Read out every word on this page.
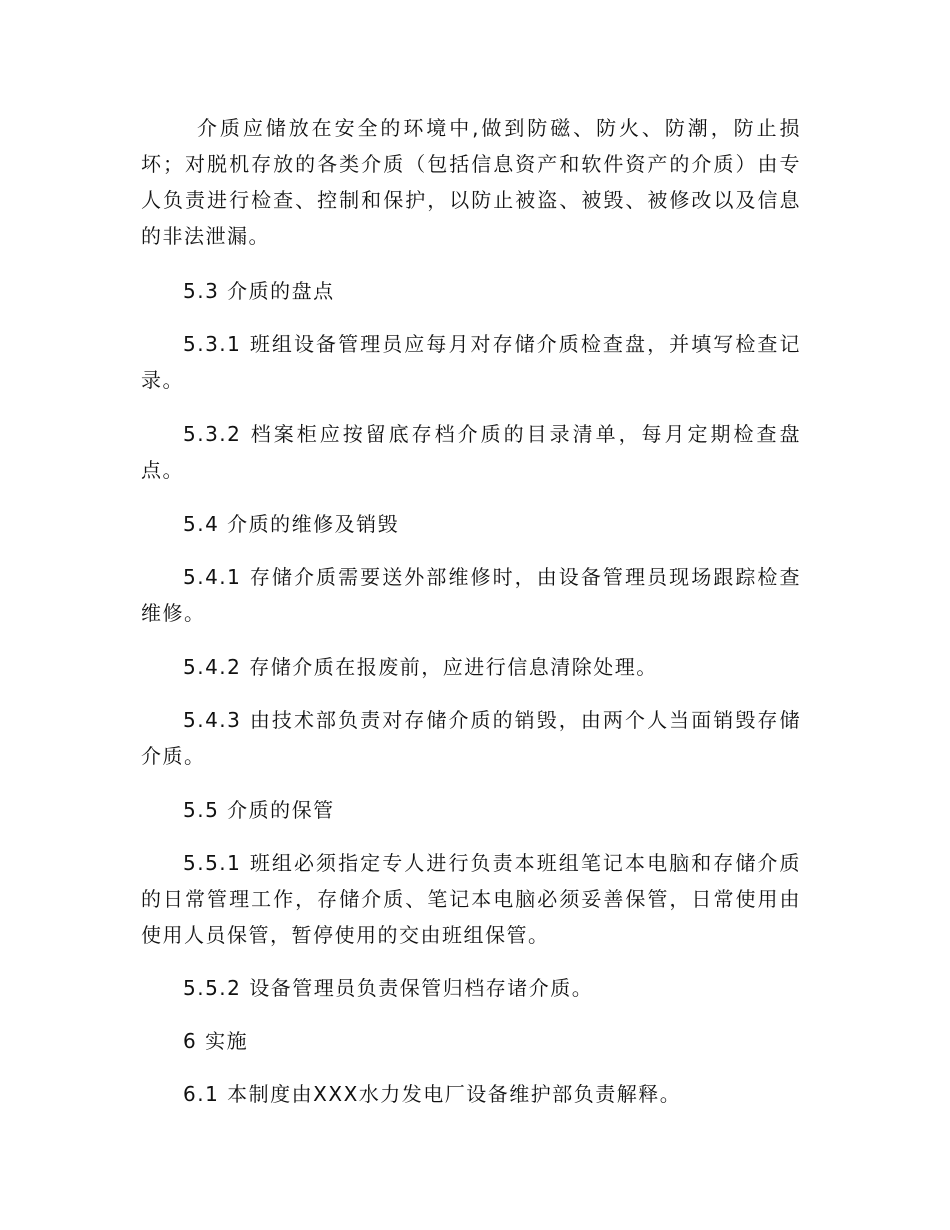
介质应储放在安全的环境中,做到防磁、防火、防潮，防止损坏；对脱机存放的各类介质（包括信息资产和软件资产的介质）由专人负责进行检查、控制和保护，以防止被盗、被毁、被修改以及信息的非法泄漏。

5.3 介质的盘点

5.3.1 班组设备管理员应每月对存储介质检查盘，并填写检查记录。

5.3.2 档案柜应按留底存档介质的目录清单，每月定期检查盘点。

5.4 介质的维修及销毁

5.4.1 存储介质需要送外部维修时，由设备管理员现场跟踪检查维修。

5.4.2 存储介质在报废前，应进行信息清除处理。

5.4.3 由技术部负责对存储介质的销毁，由两个人当面销毁存储介质。

5.5 介质的保管

5.5.1 班组必须指定专人进行负责本班组笔记本电脑和存储介质的日常管理工作，存储介质、笔记本电脑必须妥善保管，日常使用由使用人员保管，暂停使用的交由班组保管。

5.5.2 设备管理员负责保管归档存诸介质。

6 实施

6.1 本制度由XXX水力发电厂设备维护部负责解释。
